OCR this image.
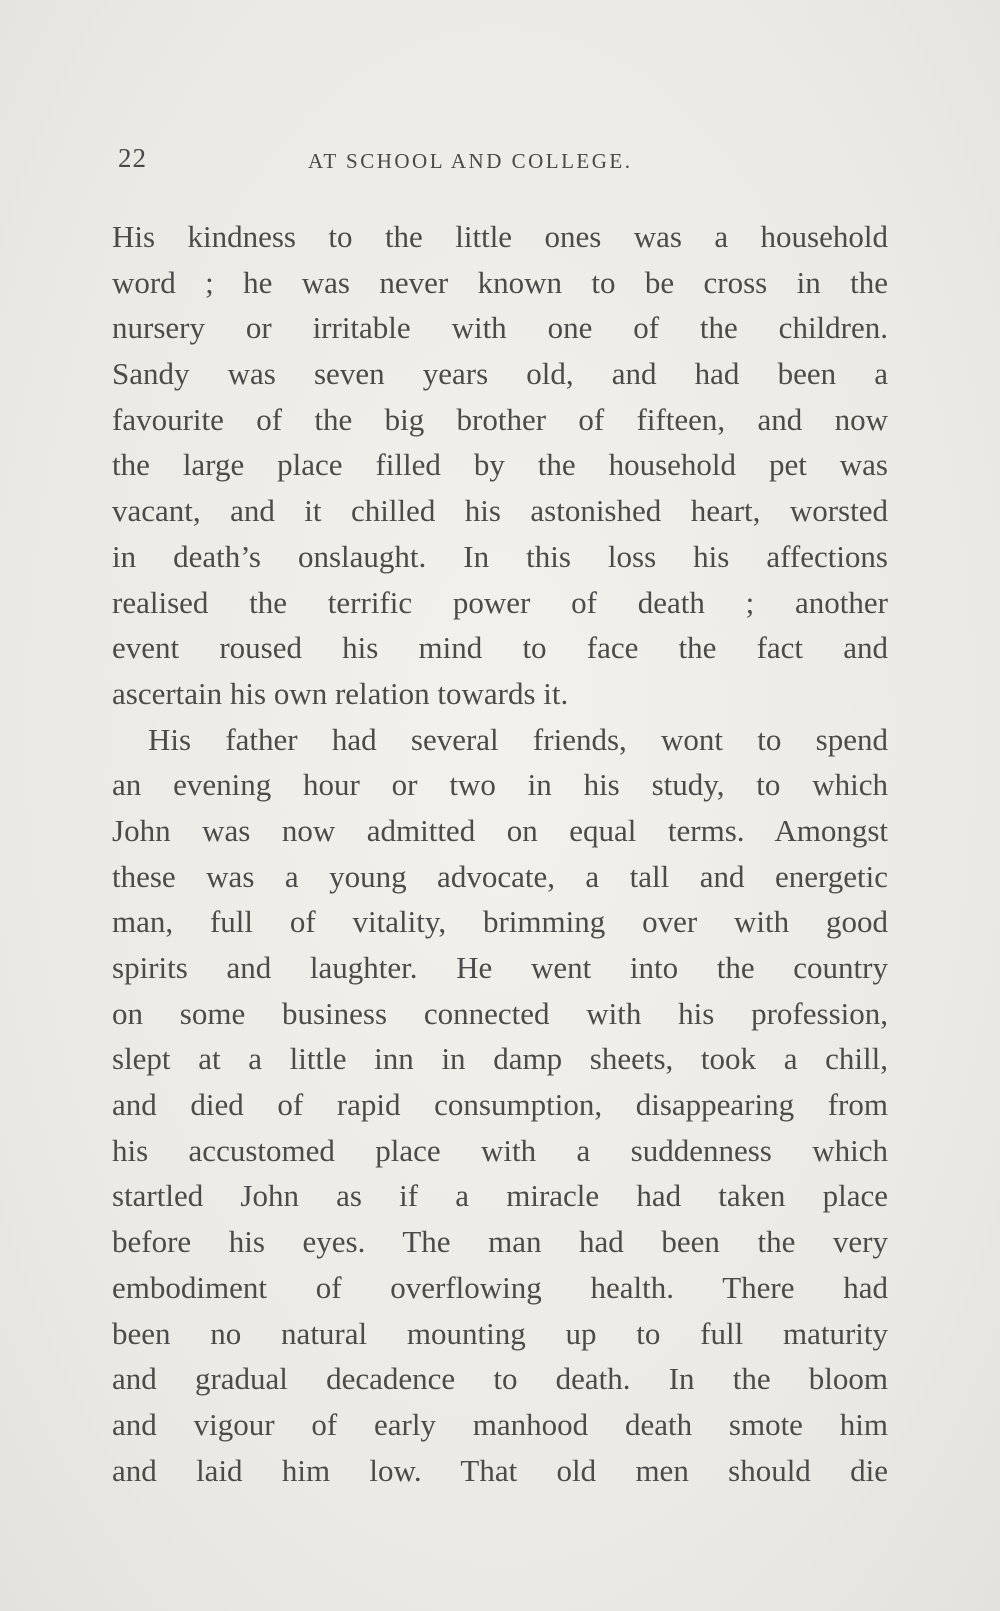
22	AT SCHOOL AND COLLEGE.
His kindness to the little ones was a household
word ; he was never known to be cross in the
nursery or irritable with one of the children.
Sandy was seven years old, and had been a
favourite of the big brother of fifteen, and now
the large place filled by the household pet was
vacant, and it chilled his astonished heart, worsted
in death’s onslaught. In this loss his affections
realised the terrific power of death ; another
event roused his mind to face the fact and
ascertain his own relation towards it.
His father had several friends, wont to spend
an evening hour or two in his study, to which
John was now admitted on equal terms. Amongst
these was a young advocate, a tall and energetic
man, full of vitality, brimming over with good
spirits and laughter. He went into the country
on some business connected with his profession,
slept at a little inn in damp sheets, took a chill,
and died of rapid consumption, disappearing from
his accustomed place with a suddenness which
startled John as if a miracle had taken place
before his eyes. The man had been the very
embodiment of overflowing health. There had
been no natural mounting up to full maturity
and gradual decadence to death. In the bloom
and vigour of early manhood death smote him
and laid him low. That old men should die
